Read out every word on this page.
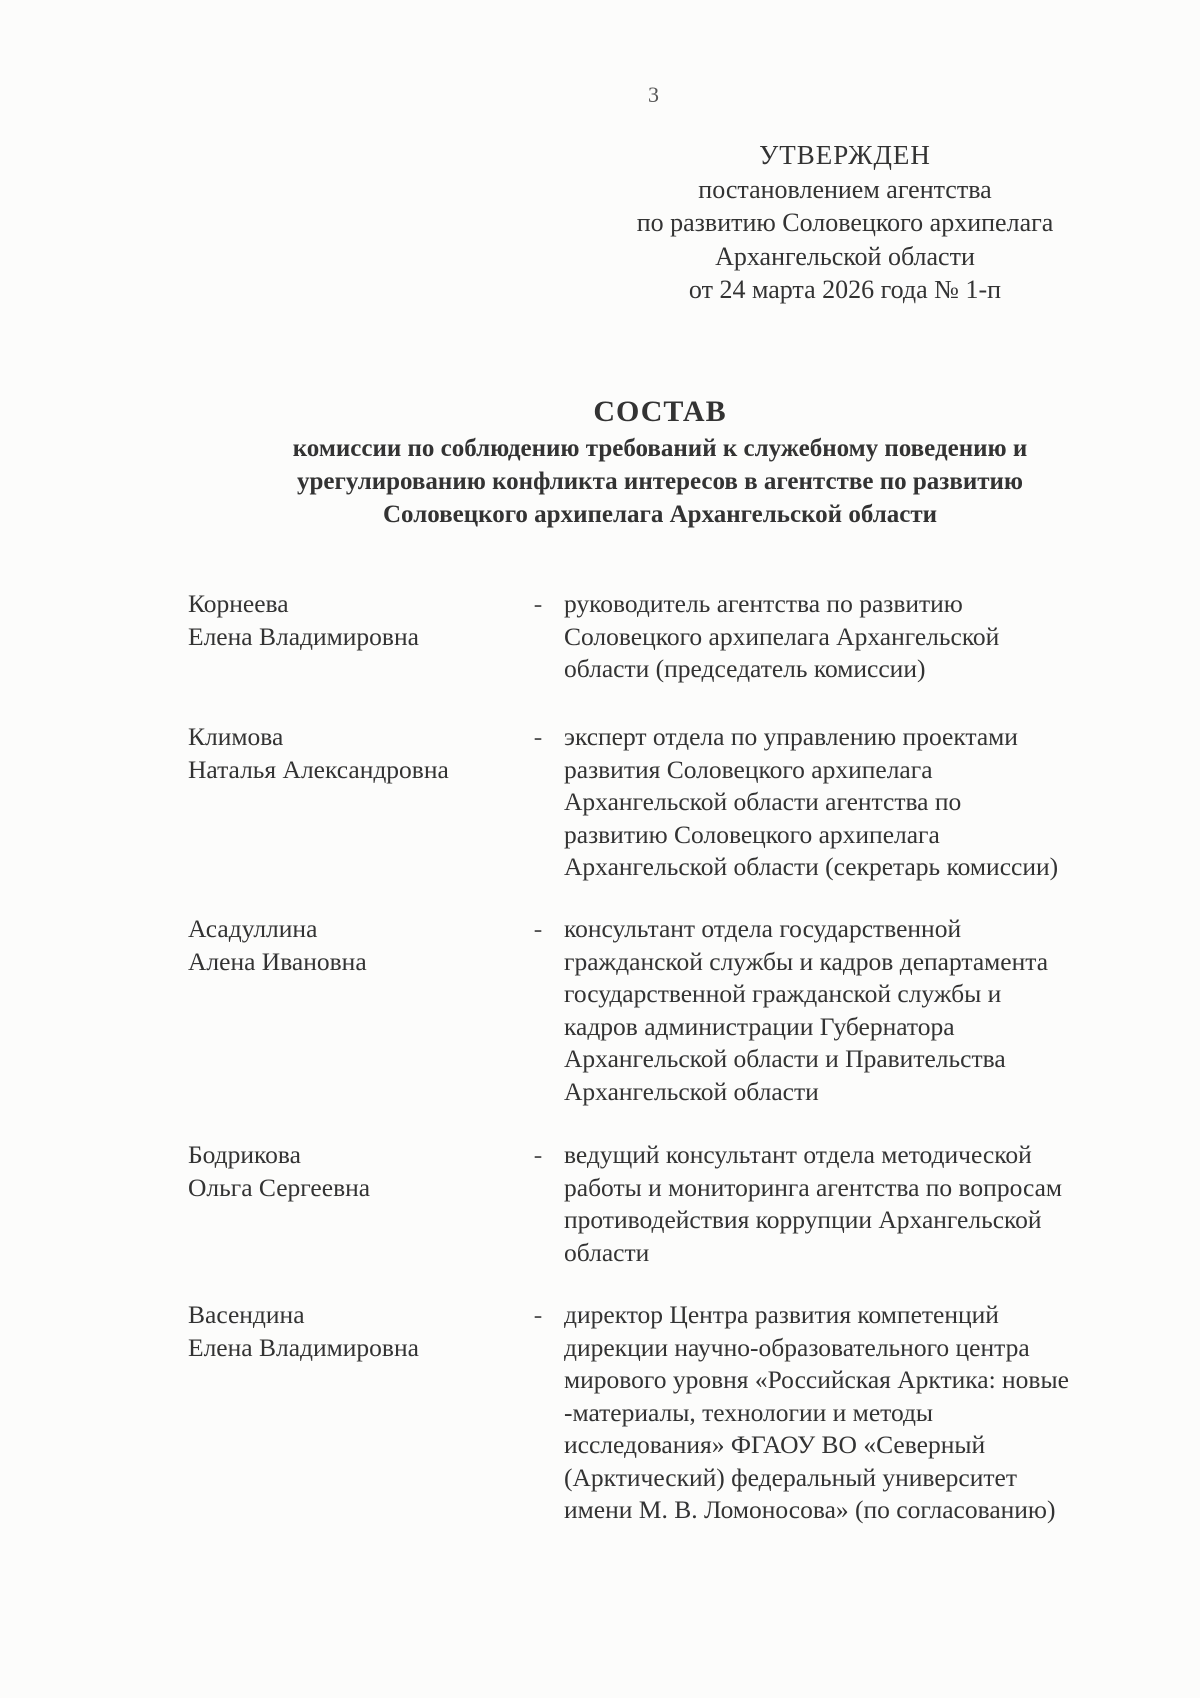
3
УТВЕРЖДЕН
постановлением агентства
по развитию Соловецкого архипелага
Архангельской области
от 24 марта 2026 года № 1-п
СОСТАВ
комиссии по соблюдению требований к служебному поведению и
урегулированию конфликта интересов в агентстве по развитию
Соловецкого архипелага Архангельской области
Корнеева
Елена Владимировна
- руководитель агентства по развитию
Соловецкого архипелага Архангельской
области (председатель комиссии)
Климова
Наталья Александровна
- эксперт отдела по управлению проектами
развития Соловецкого архипелага
Архангельской области агентства по
развитию Соловецкого архипелага
Архангельской области (секретарь комиссии)
Асадуллина
Алена Ивановна
- консультант отдела государственной
гражданской службы и кадров департамента
государственной гражданской службы и
кадров администрации Губернатора
Архангельской области и Правительства
Архангельской области
Бодрикова
Ольга Сергеевна
- ведущий консультант отдела методической
работы и мониторинга агентства по вопросам
противодействия коррупции Архангельской
области
Васендина
Елена Владимировна
- директор Центра развития компетенций
дирекции научно-образовательного центра
мирового уровня «Российская Арктика: новые
-материалы, технологии и методы
исследования» ФГАОУ ВО «Северный
(Арктический) федеральный университет
имени М. В. Ломоносова» (по согласованию)
